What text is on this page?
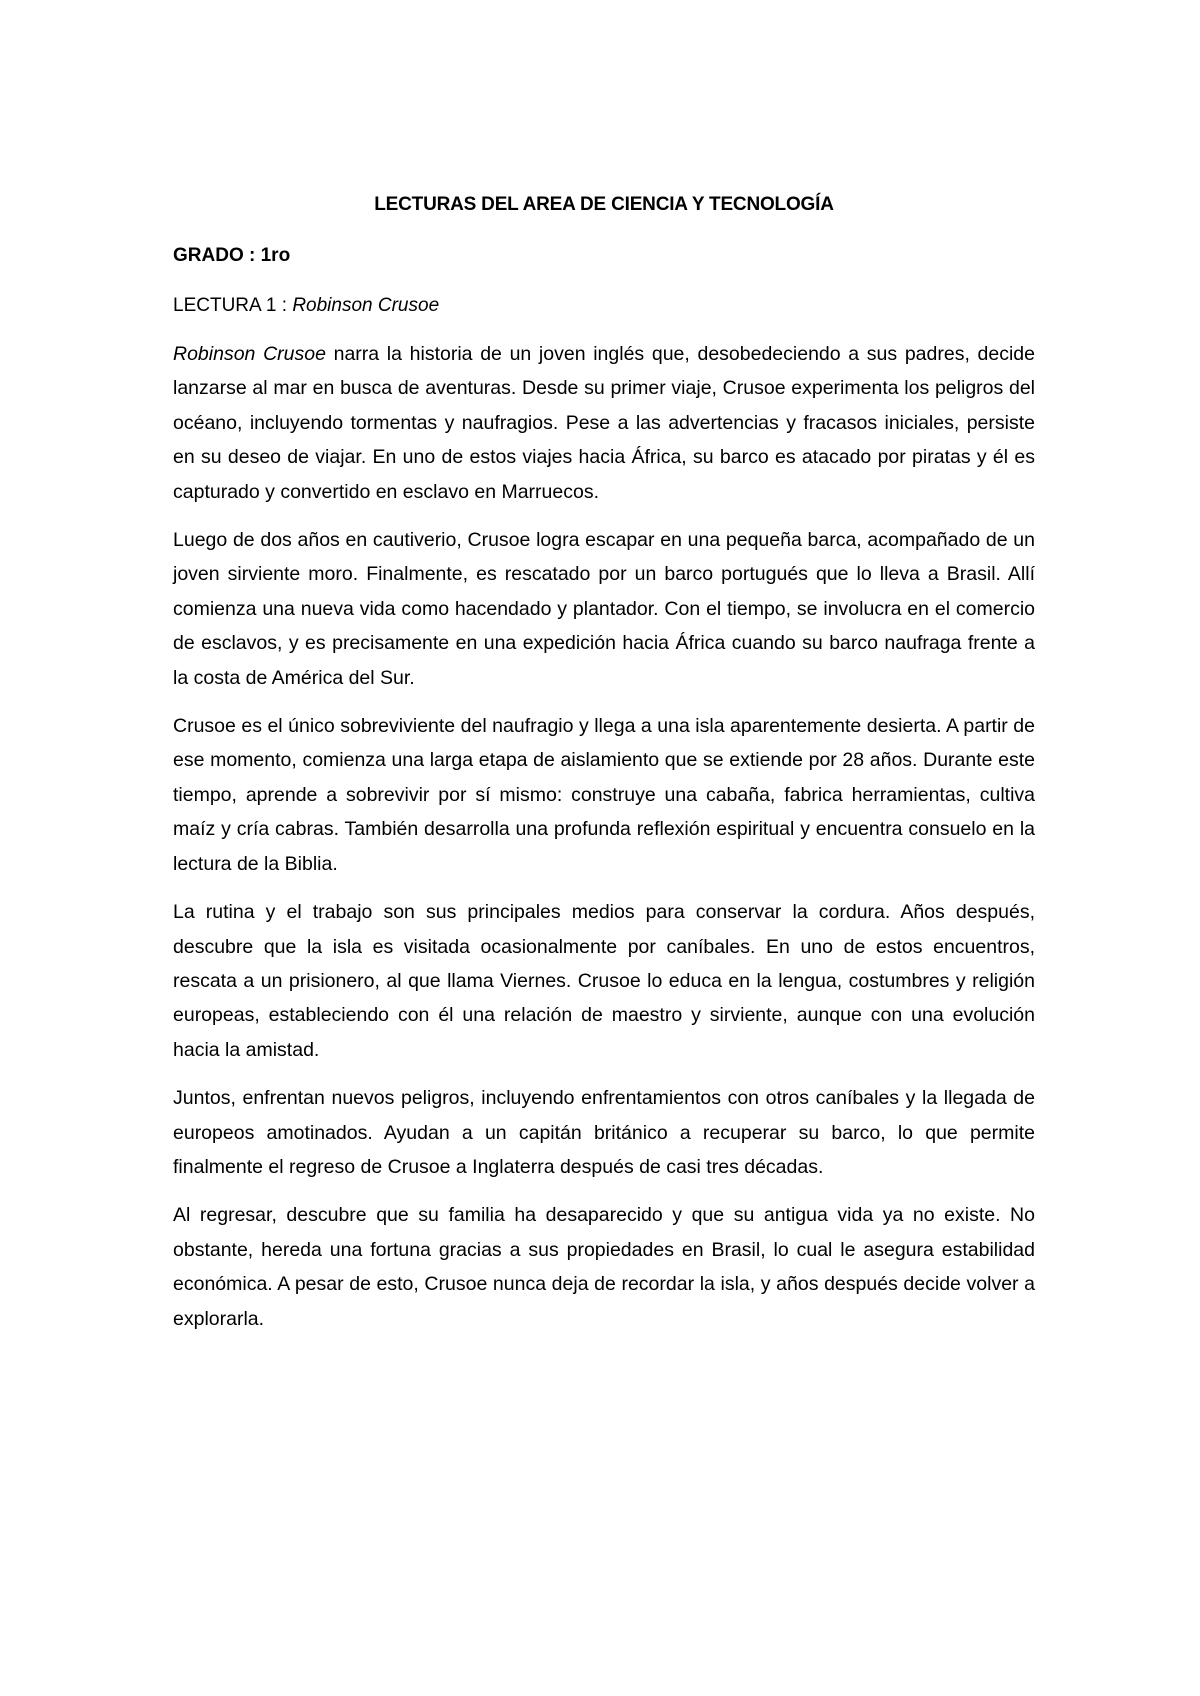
LECTURAS DEL AREA DE CIENCIA Y TECNOLOGÍA
GRADO : 1ro
LECTURA 1 : Robinson Crusoe

Robinson Crusoe narra la historia de un joven inglés que, desobedeciendo a sus padres, decide lanzarse al mar en busca de aventuras. Desde su primer viaje, Crusoe experimenta los peligros del océano, incluyendo tormentas y naufragios. Pese a las advertencias y fracasos iniciales, persiste en su deseo de viajar. En uno de estos viajes hacia África, su barco es atacado por piratas y él es capturado y convertido en esclavo en Marruecos.

Luego de dos años en cautiverio, Crusoe logra escapar en una pequeña barca, acompañado de un joven sirviente moro. Finalmente, es rescatado por un barco portugués que lo lleva a Brasil. Allí comienza una nueva vida como hacendado y plantador. Con el tiempo, se involucra en el comercio de esclavos, y es precisamente en una expedición hacia África cuando su barco naufraga frente a la costa de América del Sur.

Crusoe es el único sobreviviente del naufragio y llega a una isla aparentemente desierta. A partir de ese momento, comienza una larga etapa de aislamiento que se extiende por 28 años. Durante este tiempo, aprende a sobrevivir por sí mismo: construye una cabaña, fabrica herramientas, cultiva maíz y cría cabras. También desarrolla una profunda reflexión espiritual y encuentra consuelo en la lectura de la Biblia.

La rutina y el trabajo son sus principales medios para conservar la cordura. Años después, descubre que la isla es visitada ocasionalmente por caníbales. En uno de estos encuentros, rescata a un prisionero, al que llama Viernes. Crusoe lo educa en la lengua, costumbres y religión europeas, estableciendo con él una relación de maestro y sirviente, aunque con una evolución hacia la amistad.

Juntos, enfrentan nuevos peligros, incluyendo enfrentamientos con otros caníbales y la llegada de europeos amotinados. Ayudan a un capitán británico a recuperar su barco, lo que permite finalmente el regreso de Crusoe a Inglaterra después de casi tres décadas.

Al regresar, descubre que su familia ha desaparecido y que su antigua vida ya no existe. No obstante, hereda una fortuna gracias a sus propiedades en Brasil, lo cual le asegura estabilidad económica. A pesar de esto, Crusoe nunca deja de recordar la isla, y años después decide volver a explorarla.
